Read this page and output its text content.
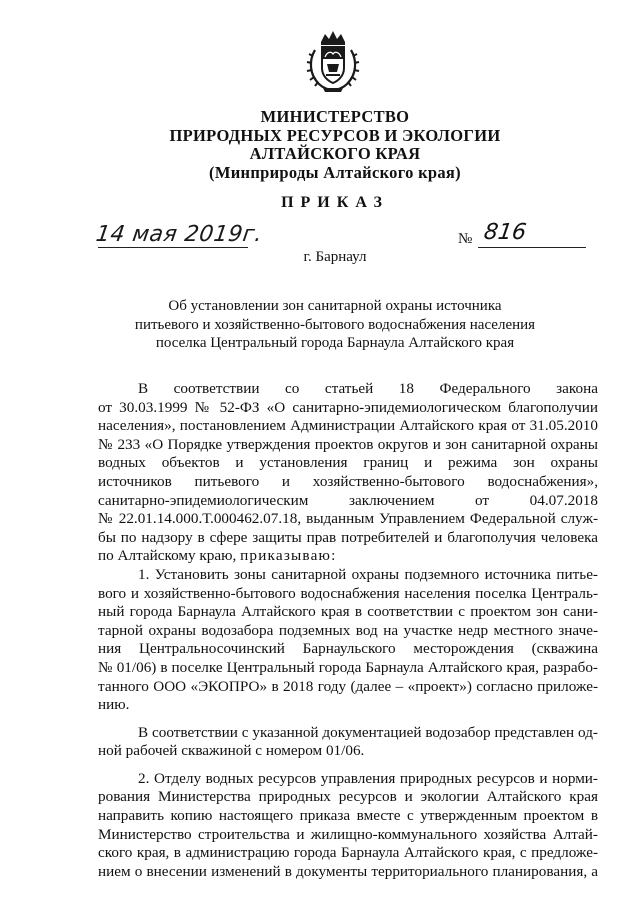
МИНИСТЕРСТВО
ПРИРОДНЫХ РЕСУРСОВ И ЭКОЛОГИИ
АЛТАЙСКОГО КРАЯ
(Минприроды Алтайского края)
ПРИКАЗ
14 мая 2019г.	№ 816
г. Барнаул
Об установлении зон санитарной охраны источника
питьевого и хозяйственно-бытового водоснабжения населения
поселка Центральный города Барнаула Алтайского края
В соответствии со статьей 18 Федерального закона
от 30.03.1999 № 52-ФЗ «О санитарно-эпидемиологическом благополучии
населения», постановлением Администрации Алтайского края от 31.05.2010
№ 233 «О Порядке утверждения проектов округов и зон санитарной охраны
водных объектов и установления границ и режима зон охраны
источников питьевого и хозяйственно-бытового водоснабжения»,
санитарно-эпидемиологическим заключением от 04.07.2018
№ 22.01.14.000.Т.000462.07.18, выданным Управлением Федеральной служ-
бы по надзору в сфере защиты прав потребителей и благополучия человека
по Алтайскому краю, приказываю:
1. Установить зоны санитарной охраны подземного источника питье-
вого и хозяйственно-бытового водоснабжения населения поселка Централь-
ный города Барнаула Алтайского края в соответствии с проектом зон сани-
тарной охраны водозабора подземных вод на участке недр местного значе-
ния Центральносочинский Барнаульского месторождения (скважина
№ 01/06) в поселке Центральный города Барнаула Алтайского края, разрабо-
танного ООО «ЭКОПРО» в 2018 году (далее – «проект») согласно приложе-
нию.
В соответствии с указанной документацией водозабор представлен од-
ной рабочей скважиной с номером 01/06.
2. Отделу водных ресурсов управления природных ресурсов и норми-
рования Министерства природных ресурсов и экологии Алтайского края
направить копию настоящего приказа вместе с утвержденным проектом в
Министерство строительства и жилищно-коммунального хозяйства Алтай-
ского края, в администрацию города Барнаула Алтайского края, с предложе-
нием о внесении изменений в документы территориального планирования, а
